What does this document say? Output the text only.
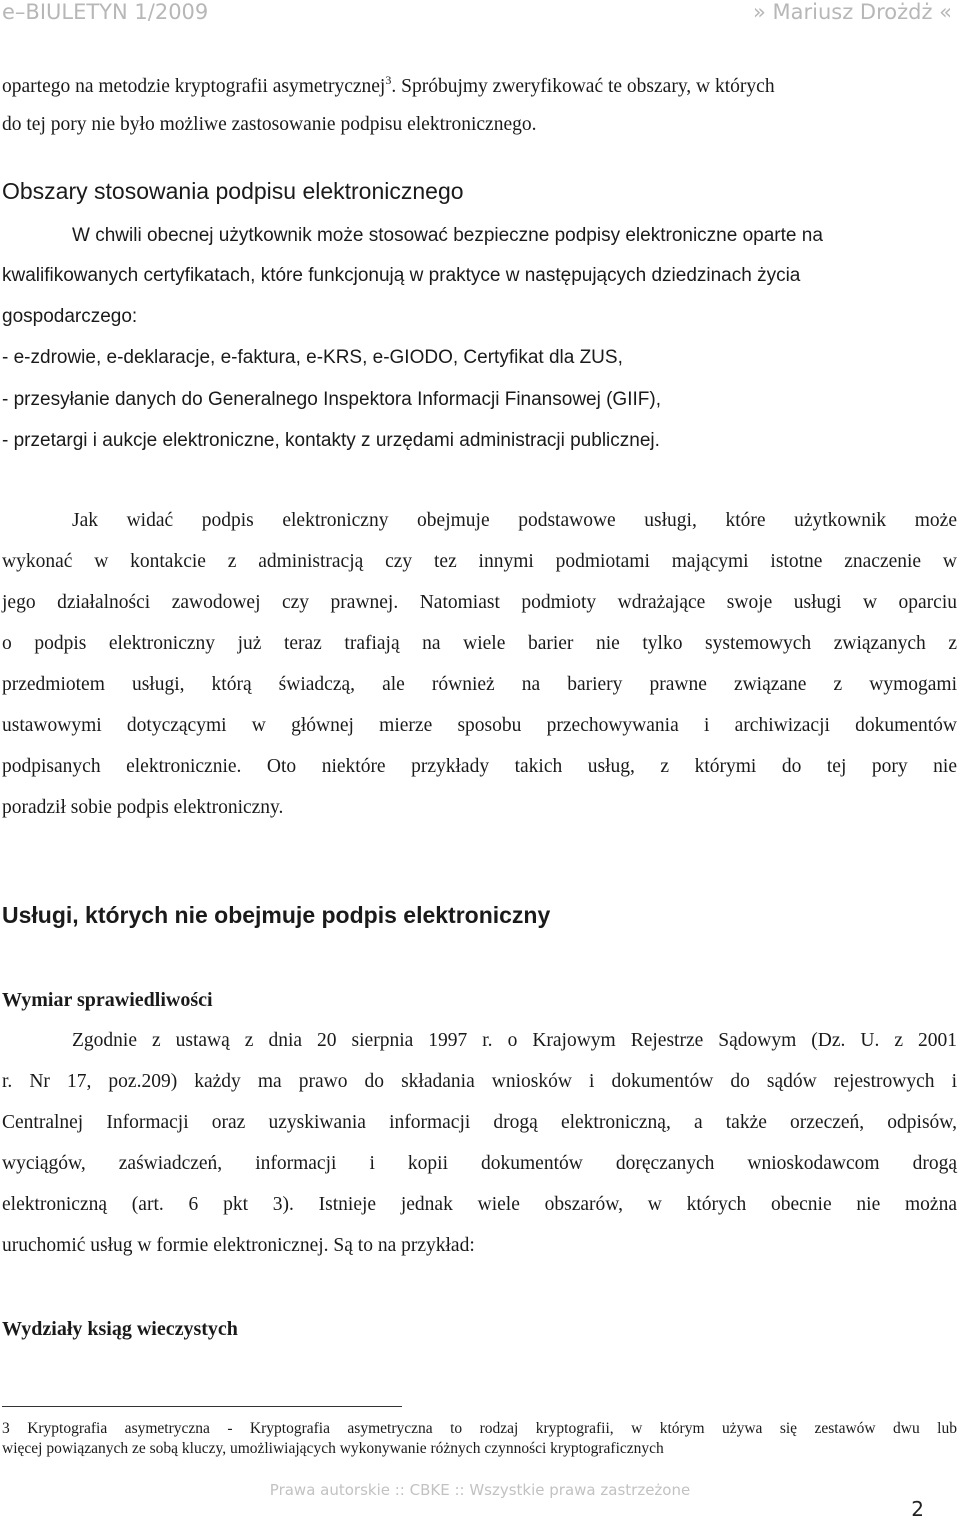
e–BIULETYN 1/2009	» Mariusz Drożdż «
opartego na metodzie kryptografii asymetrycznej$^3$. Spróbujmy zweryfikować te obszary, w których
do tej pory nie było możliwe zastosowanie podpisu elektronicznego.
Obszary stosowania podpisu elektronicznego
W chwili obecnej użytkownik może stosować bezpieczne podpisy elektroniczne oparte na
kwalifikowanych certyfikatach, które funkcjonują w praktyce w następujących dziedzinach życia
gospodarczego:
- e-zdrowie, e-deklaracje, e-faktura, e-KRS, e-GIODO, Certyfikat dla ZUS,
- przesyłanie danych do Generalnego Inspektora Informacji Finansowej (GIIF),
- przetargi i aukcje elektroniczne, kontakty z urzędami administracji publicznej.
Jak widać podpis elektroniczny obejmuje podstawowe usługi, które użytkownik może
wykonać w kontakcie z administracją czy tez innymi podmiotami mającymi istotne znaczenie w
jego działalności zawodowej czy prawnej. Natomiast podmioty wdrażające swoje usługi w oparciu
o podpis elektroniczny już teraz trafiają na wiele barier nie tylko systemowych związanych z
przedmiotem usługi, którą świadczą, ale również na bariery prawne związane z wymogami
ustawowymi dotyczącymi w głównej mierze sposobu przechowywania i archiwizacji dokumentów
podpisanych elektronicznie. Oto niektóre przykłady takich usług, z którymi do tej pory nie
poradził sobie podpis elektroniczny.
Usługi, których nie obejmuje podpis elektroniczny
Wymiar sprawiedliwości
Zgodnie z ustawą z dnia 20 sierpnia 1997 r. o Krajowym Rejestrze Sądowym (Dz. U. z 2001
r. Nr 17, poz.209) każdy ma prawo do składania wniosków i dokumentów do sądów rejestrowych i
Centralnej Informacji oraz uzyskiwania informacji drogą elektroniczną, a także orzeczeń, odpisów,
wyciągów, zaświadczeń, informacji i kopii dokumentów doręczanych wnioskodawcom drogą
elektroniczną (art. 6 pkt 3). Istnieje jednak wiele obszarów, w których obecnie nie można
uruchomić usług w formie elektronicznej. Są to na przykład:
Wydziały ksiąg wieczystych
3 Kryptografia asymetryczna - Kryptografia asymetryczna to rodzaj kryptografii, w którym używa się zestawów dwu lub
więcej powiązanych ze sobą kluczy, umożliwiających wykonywanie różnych czynności kryptograficznych
Prawa autorskie :: CBKE :: Wszystkie prawa zastrzeżone
2
